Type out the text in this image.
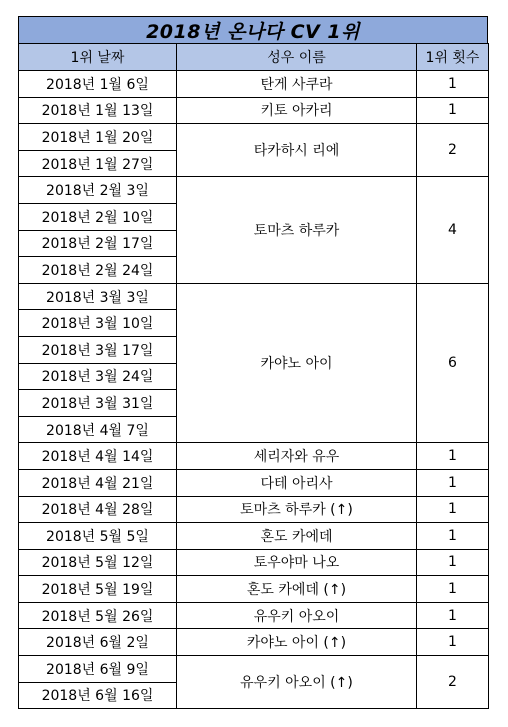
2018년 온나다 CV 1위
1위 날짜	성우 이름	1위 횟수
2018년 1월 6일	탄게 사쿠라	1
2018년 1월 13일	키토 아카리	1
2018년 1월 20일	타카하시 리에	2
2018년 1월 27일		
2018년 2월 3일	토마츠 하루카	4
2018년 2월 10일		
2018년 2월 17일		
2018년 2월 24일		
2018년 3월 3일	카야노 아이	6
2018년 3월 10일		
2018년 3월 17일		
2018년 3월 24일		
2018년 3월 31일		
2018년 4월 7일		
2018년 4월 14일	세리자와 유우	1
2018년 4월 21일	다테 아리사	1
2018년 4월 28일	토마츠 하루카 (↑)	1
2018년 5월 5일	혼도 카에데	1
2018년 5월 12일	토우야마 나오	1
2018년 5월 19일	혼도 카에데 (↑)	1
2018년 5월 26일	유우키 아오이	1
2018년 6월 2일	카야노 아이 (↑)	1
2018년 6월 9일	유우키 아오이 (↑)	2
2018년 6월 16일		
